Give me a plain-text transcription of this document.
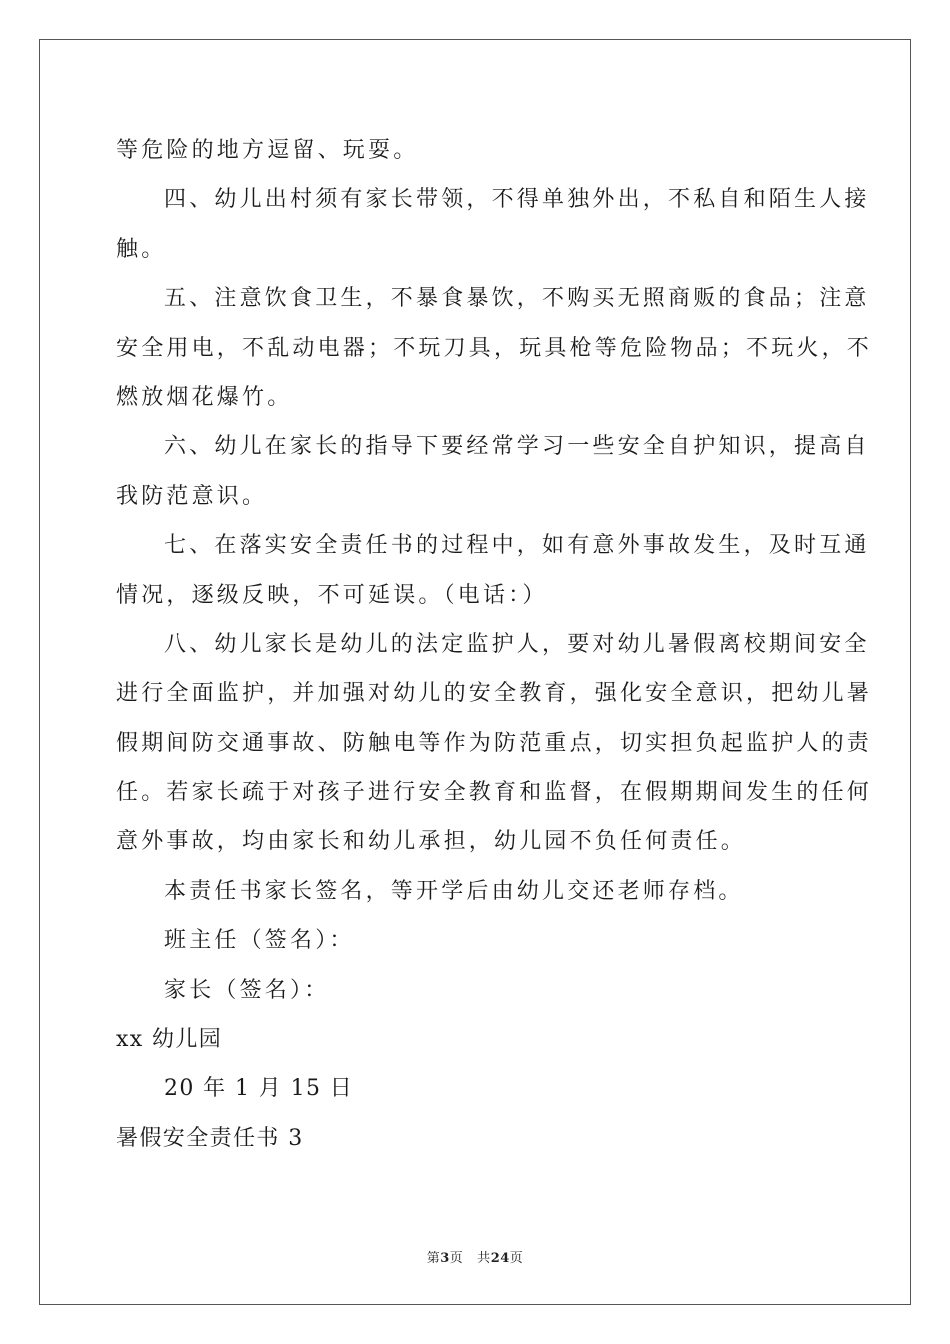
等危险的地方逗留、玩耍。
四、幼儿出村须有家长带领，不得单独外出，不私自和陌生人接
触。
五、注意饮食卫生，不暴食暴饮，不购买无照商贩的食品；注意
安全用电，不乱动电器；不玩刀具，玩具枪等危险物品；不玩火，不
燃放烟花爆竹。
六、幼儿在家长的指导下要经常学习一些安全自护知识，提高自
我防范意识。
七、在落实安全责任书的过程中，如有意外事故发生，及时互通
情况，逐级反映，不可延误。（电话：）
八、幼儿家长是幼儿的法定监护人，要对幼儿暑假离校期间安全
进行全面监护，并加强对幼儿的安全教育，强化安全意识，把幼儿暑
假期间防交通事故、防触电等作为防范重点，切实担负起监护人的责
任。若家长疏于对孩子进行安全教育和监督，在假期期间发生的任何
意外事故，均由家长和幼儿承担，幼儿园不负任何责任。
本责任书家长签名，等开学后由幼儿交还老师存档。
班主任（签名）：
家长（签名）：
xx 幼儿园
20 年 1 月 15 日
暑假安全责任书 3
第3页 共24页
